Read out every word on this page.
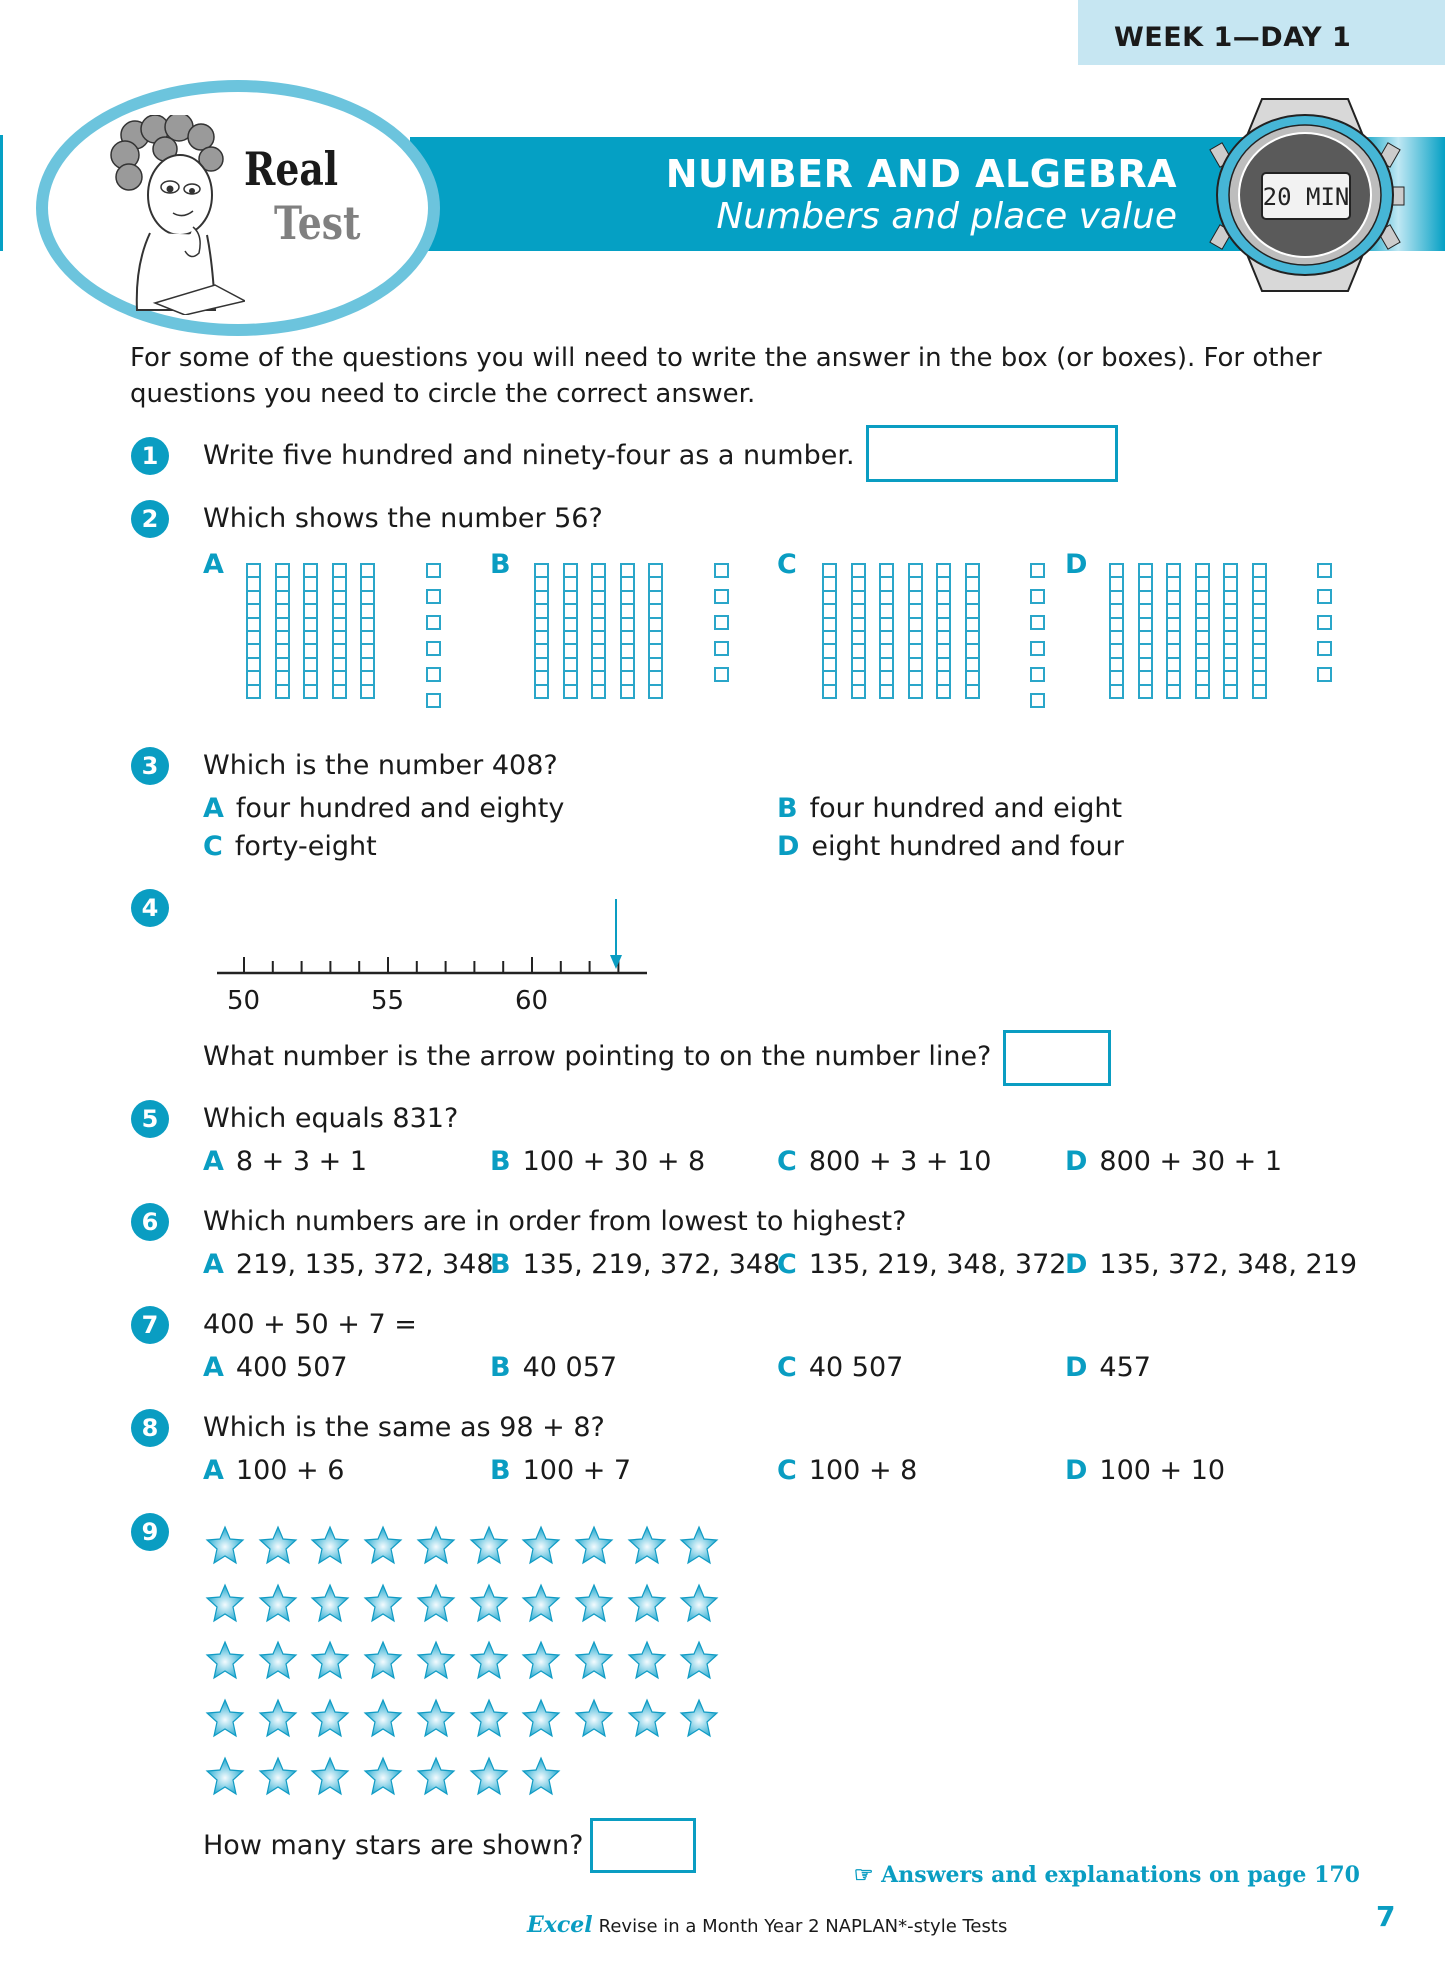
WEEK 1—DAY 1
NUMBER AND ALGEBRA
Numbers and place value
Real
Test	20 MIN
For some of the questions you will need to write the answer in the box (or boxes). For other questions you need to circle the correct answer.
1	Write five hundred and ninety-four as a number.
2	Which shows the number 56?
A	B	C	D
3	Which is the number 408?
A four hundred and eighty	B four hundred and eight
C forty-eight	D eight hundred and four
4
50	55	60
What number is the arrow pointing to on the number line?
5	Which equals 831?
A 8 + 3 + 1	B 100 + 30 + 8	C 800 + 3 + 10	D 800 + 30 + 1
6	Which numbers are in order from lowest to highest?
A 219, 135, 372, 348
B 135, 219, 372, 348
C 135, 219, 348, 372
D 135, 372, 348, 219
7	400 + 50 + 7 =
A 400 507	B 40 057	C 40 507	D 457
8	Which is the same as 98 + 8?
A 100 + 6	B 100 + 7	C 100 + 8	D 100 + 10
9
How many stars are shown?
☞ Answers and explanations on page 170
Excel Revise in a Month Year 2 NAPLAN*-style Tests	7
